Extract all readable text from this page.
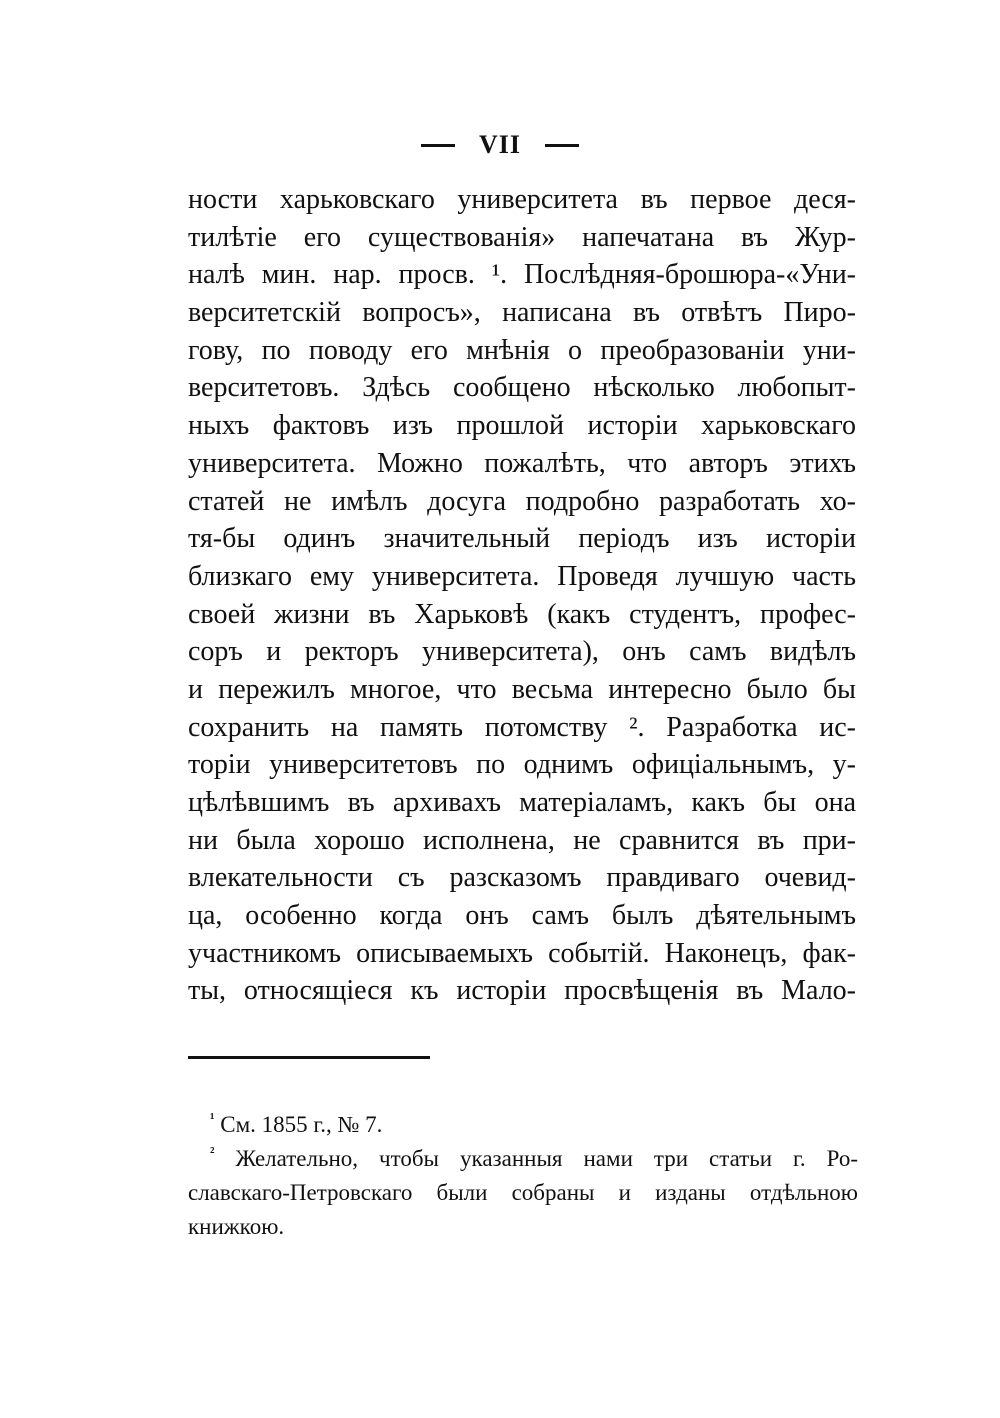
VII
ности харьковскаго университета въ первое деся-
тилѣтіе его существованія» напечатана въ Жур-
налѣ мин. нар. просв. ¹. Послѣдняя-брошюра-«Уни-
верситетскій вопросъ», написана въ отвѣтъ Пиро-
гову, по поводу его мнѣнія о преобразованіи уни-
верситетовъ. Здѣсь сообщено нѣсколько любопыт-
ныхъ фактовъ изъ прошлой исторіи харьковскаго
университета. Можно пожалѣть, что авторъ этихъ
статей не имѣлъ досуга подробно разработать хо-
тя-бы одинъ значительный періодъ изъ исторіи
близкаго ему университета. Проведя лучшую часть
своей жизни въ Харьковѣ (какъ студентъ, профес-
соръ и ректоръ университета), онъ самъ видѣлъ
и пережилъ многое, что весьма интересно было бы
сохранить на память потомству ². Разработка ис-
торіи университетовъ по однимъ офиціальнымъ, у-
цѣлѣвшимъ въ архивахъ матеріаламъ, какъ бы она
ни была хорошо исполнена, не сравнится въ при-
влекательности съ разсказомъ правдиваго очевид-
ца, особенно когда онъ самъ былъ дѣятельнымъ
участникомъ описываемыхъ событій. Наконецъ, фак-
ты, относящіеся къ исторіи просвѣщенія въ Мало-
$^{^1}$ См. 1855 г., № 7.
$^{^2}$ Желательно, чтобы указанныя нами три статьи г. Ро-
славскаго-Петровскаго были собраны и изданы отдѣльною
книжкою.
